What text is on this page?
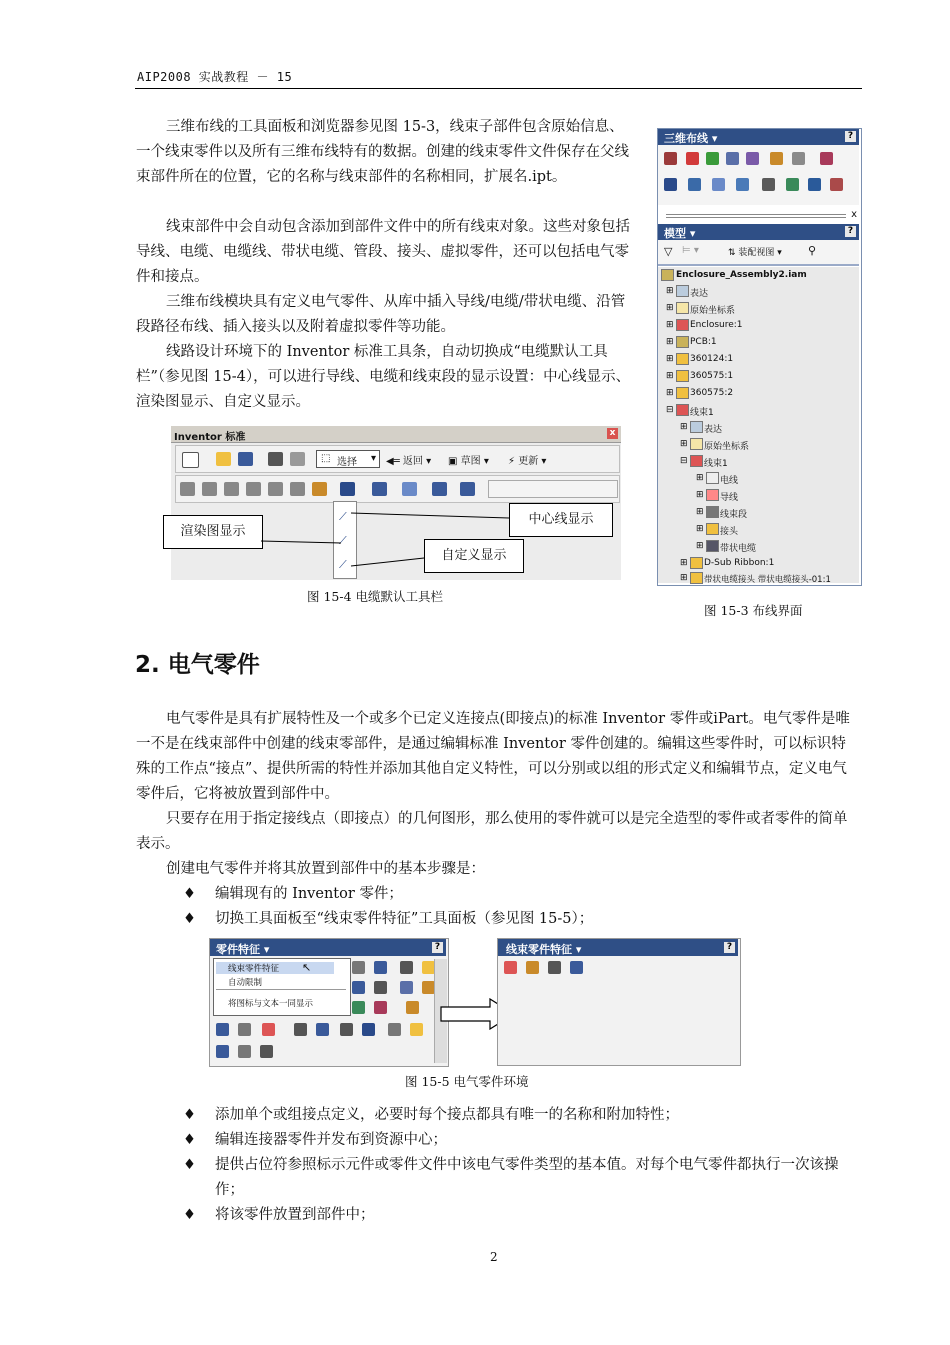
AIP2008 实战教程 － 15

三维布线的工具面板和浏览器参见图 15-3，线束子部件包含原始信息、一个线束零件以及所有三维布线特有的数据。创建的线束零件文件保存在父线束部件所在的位置，它的名称与线束部件的名称相同，扩展名.ipt。

线束部件中会自动包含添加到部件文件中的所有线束对象。这些对象包括导线、电缆、电缆线、带状电缆、管段、接头、虚拟零件，还可以包括电气零件和接点。

三维布线模块具有定义电气零件、从库中插入导线/电缆/带状电缆、沿管段路径布线、插入接头以及附着虚拟零件等功能。

线路设计环境下的 Inventor 标准工具条，自动切换成“电缆默认工具栏”（参见图 15-4），可以进行导线、电缆和线束段的显示设置：中心线显示、渲染图显示、自定义显示。

三维布线 ▾	?
x
模型 ▾	?
▽ ⊨ ▾	⇅ 装配视图 ▾ ⚲
Enclosure_Assembly2.iam
⊞ 表达
⊞ 原始坐标系
⊞ Enclosure:1
⊞ PCB:1
⊞ 360124:1
⊞ 360575:1
⊞ 360575:2
⊟ 线束1
⊞ 表达
⊞ 原始坐标系
⊟ 线束1
⊞ 电线
⊞ 导线
⊞ 线束段
⊞ 接头
⊞ 带状电缆
⊞ D-Sub Ribbon:1
⊞ 带状电缆接头 带状电缆接头-01:1
图 15-3 布线界面
Inventor 标准	x
⬚ 选择 ▾ ◀═ 返回 ▾ ▣ 草图 ▾ ⚡ 更新 ▾
⟋
⟋
⟋
渲染图显示
中心线显示
自定义显示
图 15-4 电缆默认工具栏
2. 电气零件

电气零件是具有扩展特性及一个或多个已定义连接点(即接点)的标准 Inventor 零件或iPart。电气零件是唯一不是在线束部件中创建的线束零部件，是通过编辑标准 Inventor 零件创建的。编辑这些零件时，可以标识特殊的工作点“接点”、提供所需的特性并添加其他自定义特性，可以分别或以组的形式定义和编辑节点，定义电气零件后，它将被放置到部件中。

只要存在用于指定接线点（即接点）的几何图形，那么使用的零件就可以是完全造型的零件或者零件的简单表示。

创建电气零件并将其放置到部件中的基本步骤是：

♦ 编辑现有的 Inventor 零件；
♦ 切换工具面板至“线束零件特征”工具面板（参见图 15-5）；
零件特征 ▾	?
线束零件特征
自动限制
将图标与文本一同显示
↖
线束零件特征 ▾	?
图 15-5 电气零件环境
♦ 添加单个或组接点定义，必要时每个接点都具有唯一的名称和附加特性；
♦ 编辑连接器零件并发布到资源中心；
♦ 提供占位符参照标示元件或零件文件中该电气零件类型的基本值。对每个电气零件都执行一次该操作；
♦ 将该零件放置到部件中；
2
